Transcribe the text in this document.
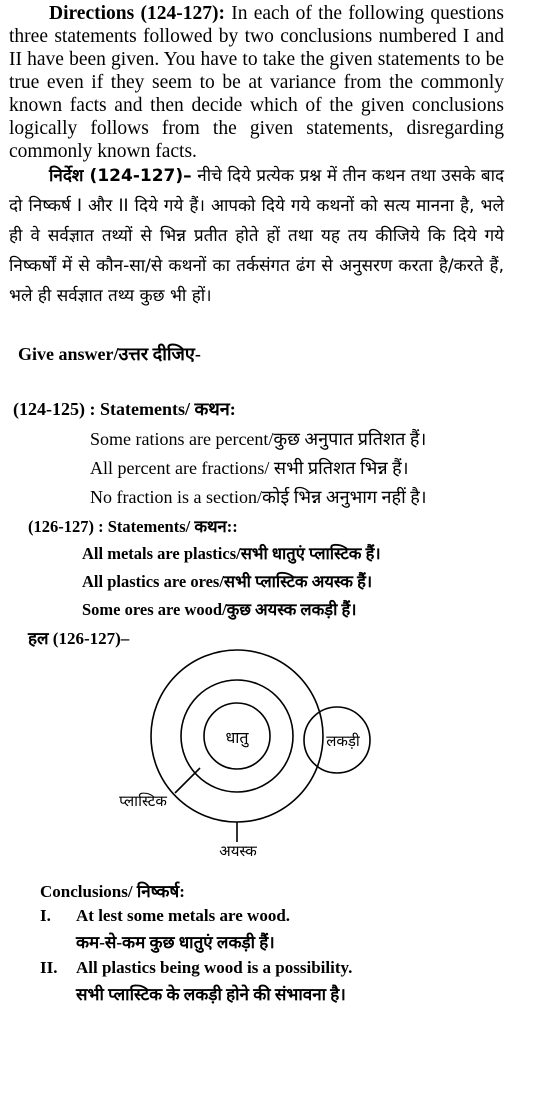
Directions (124-127): In each of the following questions three statements followed by two conclusions numbered I and II have been given. You have to take the given statements to be true even if they seem to be at variance from the commonly known facts and then decide which of the given conclusions logically follows from the given statements, disregarding commonly known facts.
निर्देश (124-127)– नीचे दिये प्रत्येक प्रश्न में तीन कथन तथा उसके बाद दो निष्कर्ष I और II दिये गये हैं। आपको दिये गये कथनों को सत्य मानना है, भले ही वे सर्वज्ञात तथ्यों से भिन्न प्रतीत होते हों तथा यह तय कीजिये कि दिये गये निष्कर्षों में से कौन-सा/से कथनों का तर्कसंगत ढंग से अनुसरण करता है/करते हैं, भले ही सर्वज्ञात तथ्य कुछ भी हों।
Give answer/उत्तर दीजिए-
(124-125) : Statements/ कथन:
Some rations are percent/कुछ अनुपात प्रतिशत हैं।
All percent are fractions/ सभी प्रतिशत भिन्न हैं।
No fraction is a section/कोई भिन्न अनुभाग नहीं है।
(126-127) : Statements/ कथन::
All metals are plastics/सभी धातुएं प्लास्टिक हैं।
All plastics are ores/सभी प्लास्टिक अयस्क हैं।
Some ores are wood/कुछ अयस्क लकड़ी हैं।
हल (126-127)–
धातु	लकड़ी
प्लास्टिक
अयस्क
Conclusions/ निष्कर्ष:
I. At lest some metals are wood.
कम-से-कम कुछ धातुएं लकड़ी हैं।
II. All plastics being wood is a possibility.
सभी प्लास्टिक के लकड़ी होने की संभावना है।
